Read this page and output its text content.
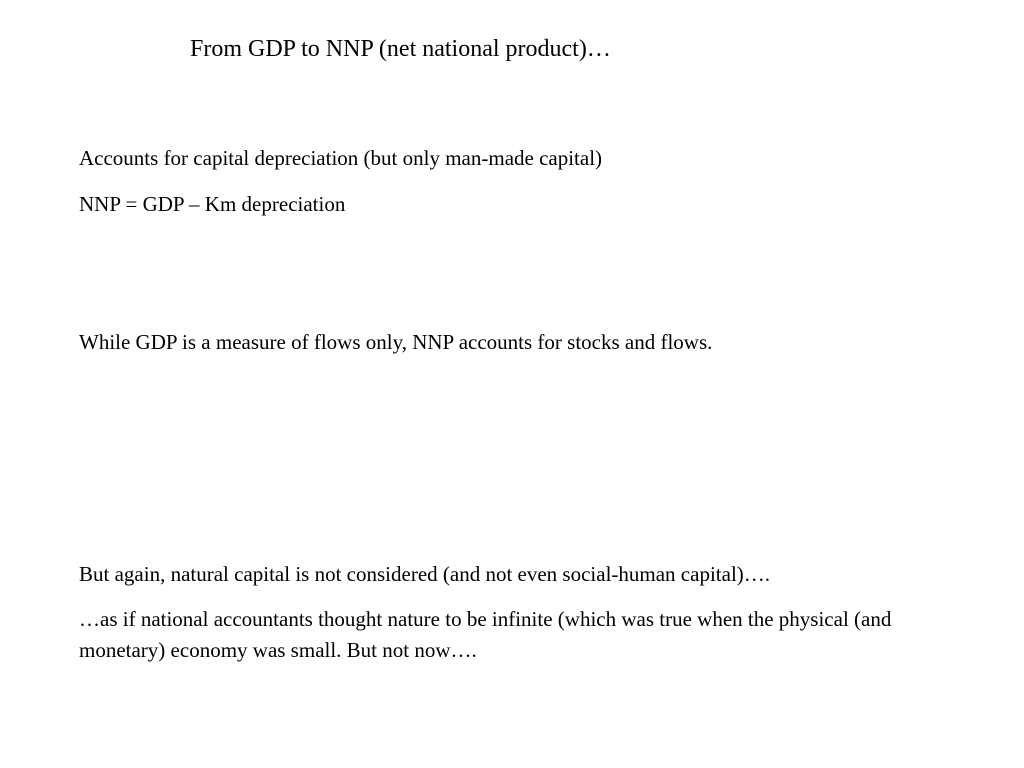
From GDP to NNP (net national product)…

Accounts for capital depreciation (but only man-made capital)

NNP = GDP – Km depreciation

While GDP is a measure of flows only, NNP accounts for stocks and flows.

But again, natural capital is not considered (and not even social-human capital)….

…as if national accountants thought nature to be infinite (which was true when the physical (and monetary) economy was small. But not now….
